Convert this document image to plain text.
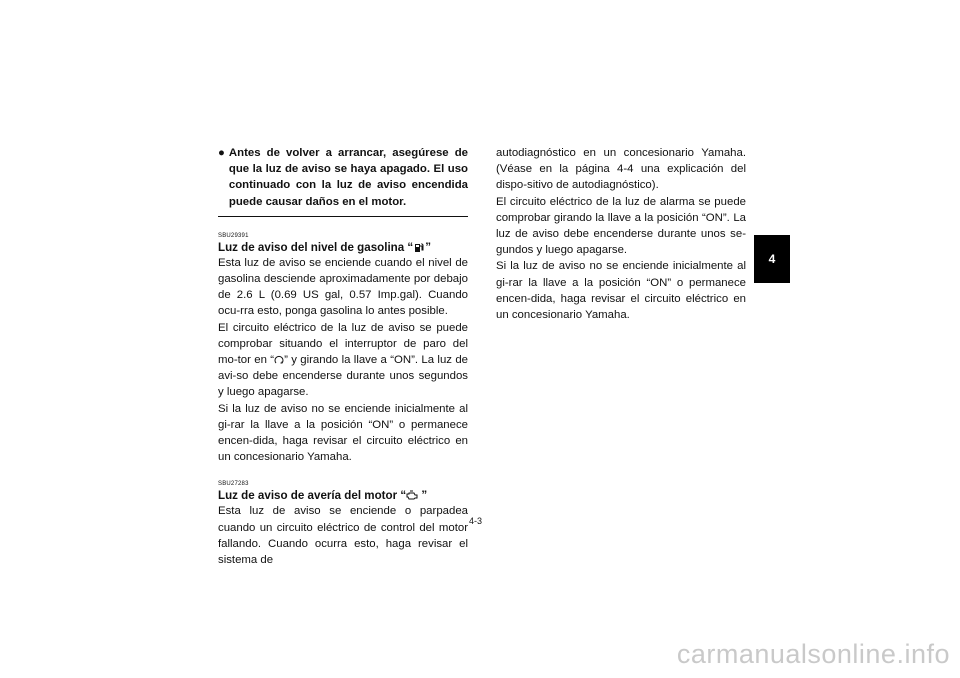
● Antes de volver a arrancar, asegúrese de que la luz de aviso se haya apagado. El uso continuado con la luz de aviso encendida puede causar daños en el motor.
SBU29391
Luz de aviso del nivel de gasolina “ ”

Esta luz de aviso se enciende cuando el nivel de gasolina desciende aproximadamente por debajo de 2.6 L (0.69 US gal, 0.57 Imp.gal). Cuando ocu-rra esto, ponga gasolina lo antes posible.

El circuito eléctrico de la luz de aviso se puede comprobar situando el interruptor de paro del mo-tor en “ ” y girando la llave a “ON”. La luz de avi-so debe encenderse durante unos segundos y luego apagarse.

Si la luz de aviso no se enciende inicialmente al gi-rar la llave a la posición “ON” o permanece encen-dida, haga revisar el circuito eléctrico en un concesionario Yamaha.

SBU27283
Luz de aviso de avería del motor “ ”

Esta luz de aviso se enciende o parpadea cuando un circuito eléctrico de control del motor fallando. Cuando ocurra esto, haga revisar el sistema de

autodiagnóstico en un concesionario Yamaha. (Véase en la página 4-4 una explicación del dispo-sitivo de autodiagnóstico).

El circuito eléctrico de la luz de alarma se puede comprobar girando la llave a la posición “ON”. La luz de aviso debe encenderse durante unos se-gundos y luego apagarse.

Si la luz de aviso no se enciende inicialmente al gi-rar la llave a la posición “ON” o permanece encen-dida, haga revisar el circuito eléctrico en un concesionario Yamaha.

4-3
4
carmanualsonline.info
